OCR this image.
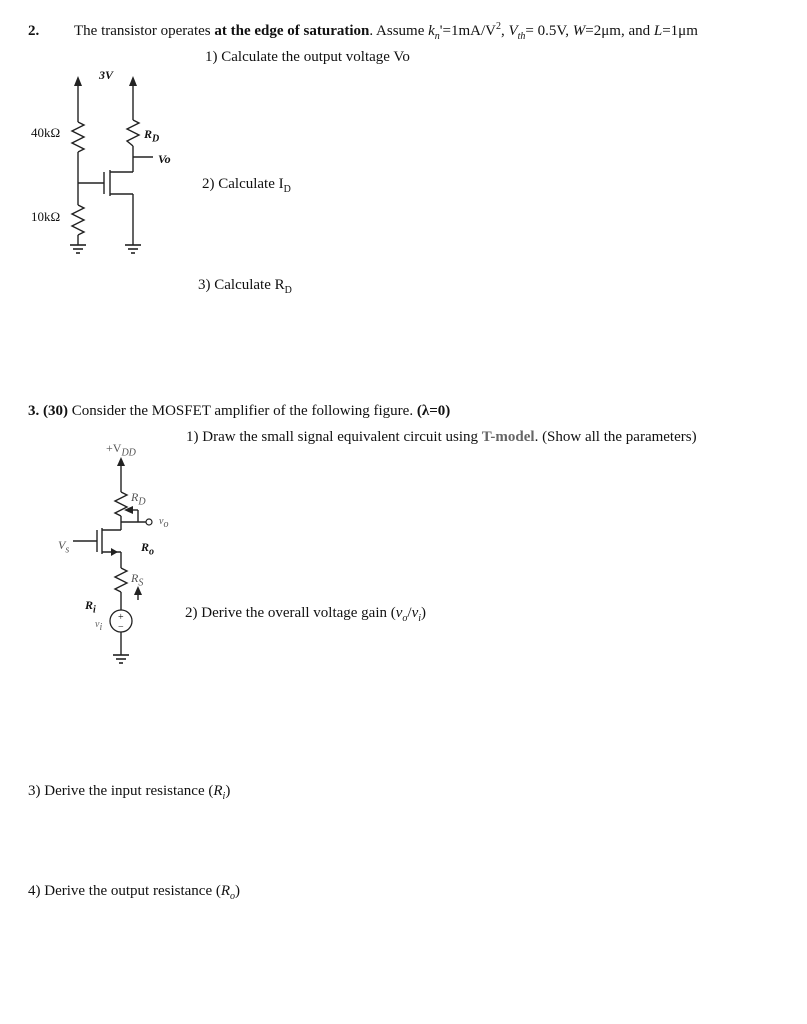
2. The transistor operates at the edge of saturation. Assume $k_n'=1mA/V^2$, $V_{th}= 0.5V$, W=2μm, and L=1μm
1) Calculate the output voltage Vo
2) Calculate $I_D$
3) Calculate $R_D$
3V
40kΩ
10kΩ
$R_D$
Vo
3. (30) Consider the MOSFET amplifier of the following figure. (λ=0)
1) Draw the small signal equivalent circuit using T-model. (Show all the parameters)
2) Derive the overall voltage gain $(v_o/v_i)$
3) Derive the input resistance $(R_i)$
4) Derive the output resistance $(R_o)$
$+V_{DD}$
$R_D$
vo
$V_s$	$R_o$
$R_S$
$R_i$
vi
+
−
